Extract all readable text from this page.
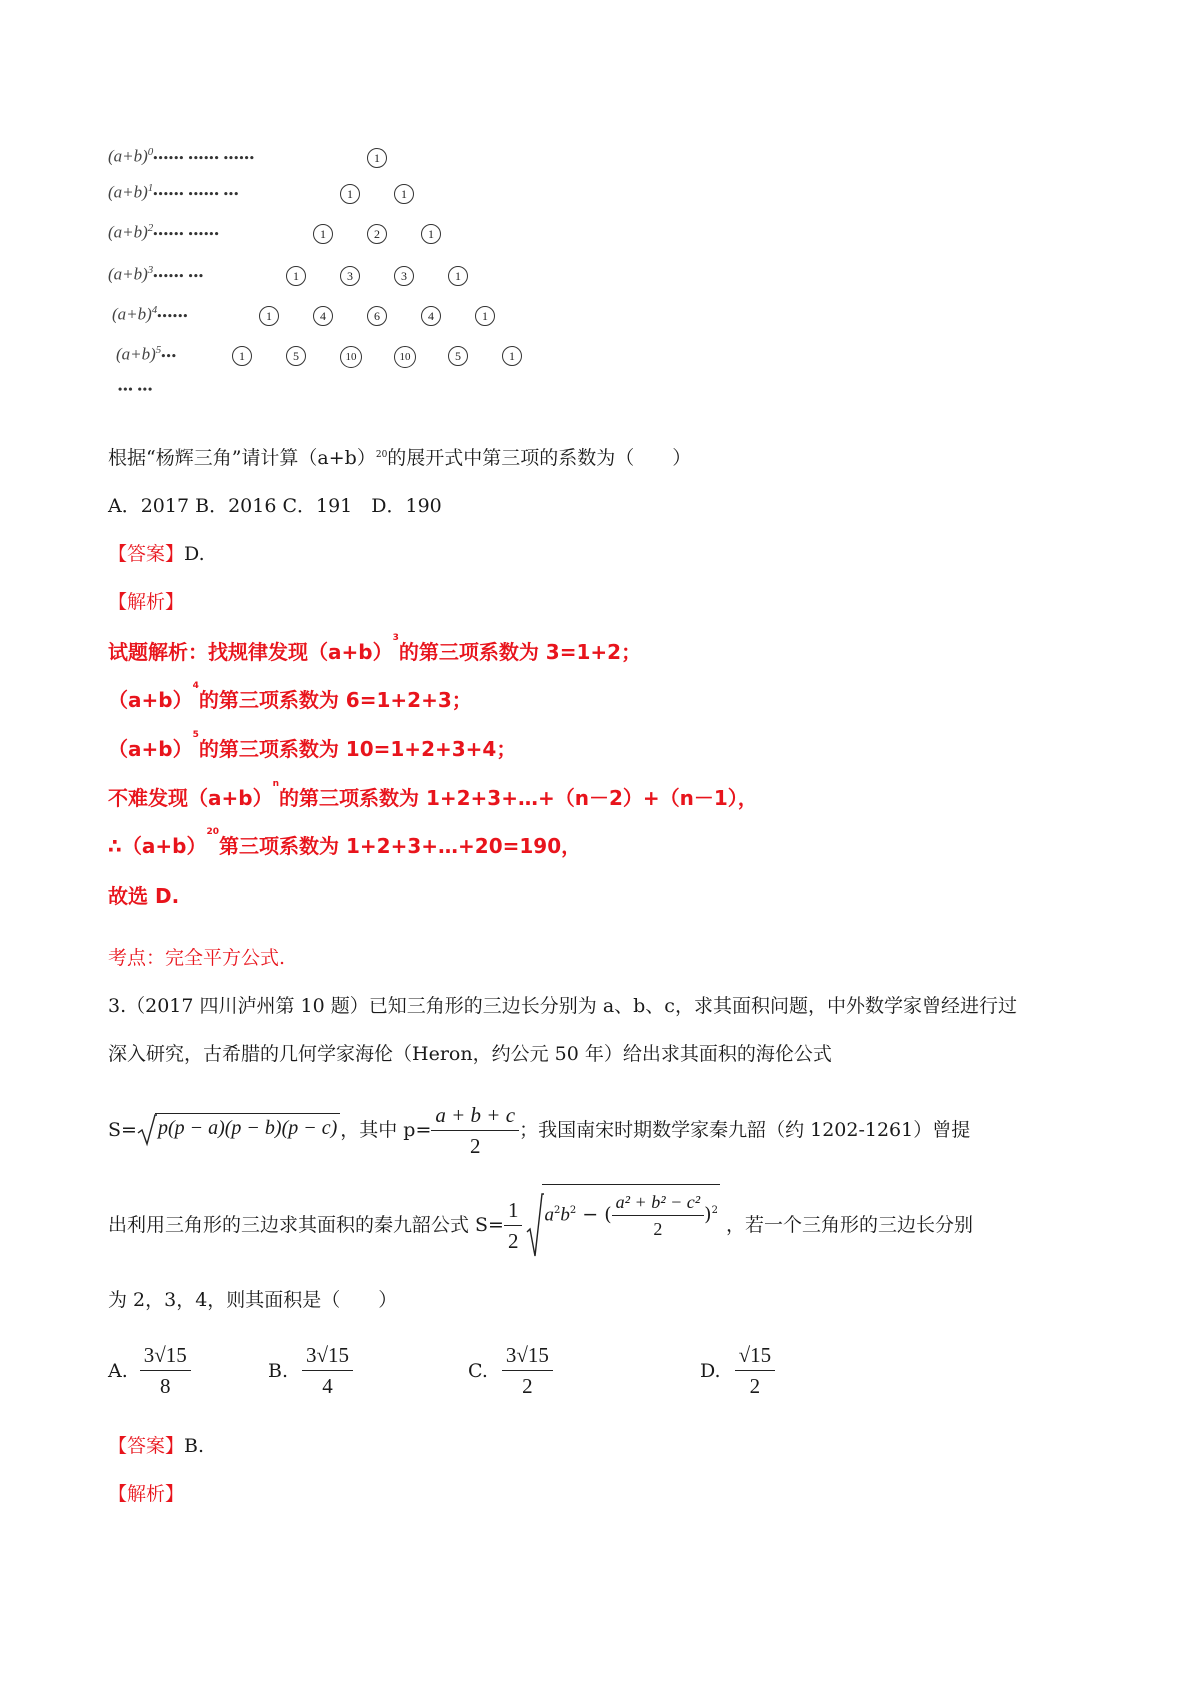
$(a+b)^0••••••$ •••••• ••••••	1
$(a+b)^1••••••$ •••••• •••	1	1
$(a+b)^2••••••$ ••••••	1	2	1
$(a+b)^3••••••$ •••	1	3	3	1
$(a+b)^4••••••$	1	4	6	4	1
$(a+b)^5•••$	1	5	10	10	5	1
••• •••
根据“杨辉三角”请计算$(a+b)^{20}$的展开式中第三项的系数为（　　）
A．2017 B．2016 C．191　D．190
【答案】D.
【解析】
试题解析：找规律发现$(a+b)^3$的第三项系数为 3=1+2；
$(a+b)^4$的第三项系数为 6=1+2+3；
$(a+b)^5$的第三项系数为 10=1+2+3+4；
不难发现$(a+b)^n$的第三项系数为 1+2+3+…+（n－2）+（n－1），
$\therefore(a+b)^{20}$第三项系数为 1+2+3+…+20=190，
故选 D.
考点：完全平方公式.
3.（2017 四川泸州第 10 题）已知三角形的三边长分别为 a、b、c，求其面积问题，中外数学家曾经进行过
深入研究，古希腊的几何学家海伦（Heron，约公元 50 年）给出求其面积的海伦公式
S=	p(p − a)(p − b)(p − c) ，其中 $p= \frac{a + b + c}{2}$ ；我国南宋时期数学家秦九韶（约 1202-1261）曾提
出利用三角形的三边求其面积的秦九韶公式 $S= \frac{1}{2}$	$a^2b^2$ − ( $\frac{\text{a² + b² − c²}}{2} )^2$
，若一个三角形的三边长分别
为 2，3，4，则其面积是（　　）
A. $\frac{3√15}{8}$	B. $\frac{3√15}{4}$	C. $\frac{3√15}{2}$	D. $\frac{√15}{2}$
【答案】B.
【解析】
